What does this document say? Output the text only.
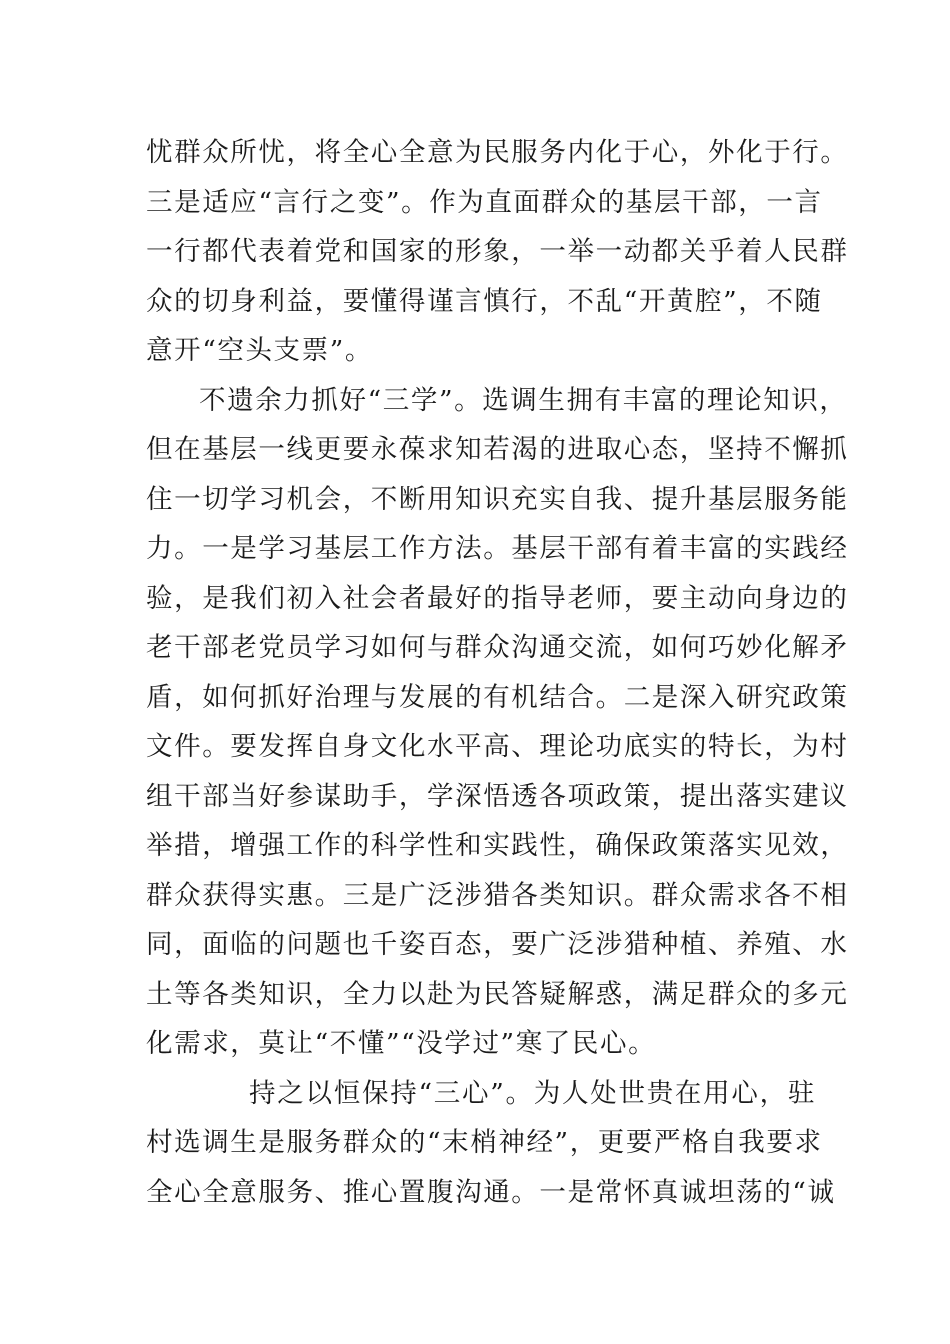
忧群众所忧，将全心全意为民服务内化于心，外化于行。
三是适应“言行之变”。作为直面群众的基层干部，一言
一行都代表着党和国家的形象，一举一动都关乎着人民群
众的切身利益，要懂得谨言慎行，不乱“开黄腔”，不随
意开“空头支票”。
不遗余力抓好“三学”。选调生拥有丰富的理论知识，
但在基层一线更要永葆求知若渴的进取心态，坚持不懈抓
住一切学习机会，不断用知识充实自我、提升基层服务能
力。一是学习基层工作方法。基层干部有着丰富的实践经
验，是我们初入社会者最好的指导老师，要主动向身边的
老干部老党员学习如何与群众沟通交流，如何巧妙化解矛
盾，如何抓好治理与发展的有机结合。二是深入研究政策
文件。要发挥自身文化水平高、理论功底实的特长，为村
组干部当好参谋助手，学深悟透各项政策，提出落实建议
举措，增强工作的科学性和实践性，确保政策落实见效，
群众获得实惠。三是广泛涉猎各类知识。群众需求各不相
同，面临的问题也千姿百态，要广泛涉猎种植、养殖、水
土等各类知识，全力以赴为民答疑解惑，满足群众的多元
化需求，莫让“不懂”“没学过”寒了民心。
持之以恒保持“三心”。为人处世贵在用心，驻
村选调生是服务群众的“末梢神经”，更要严格自我要求
全心全意服务、推心置腹沟通。一是常怀真诚坦荡的“诚
